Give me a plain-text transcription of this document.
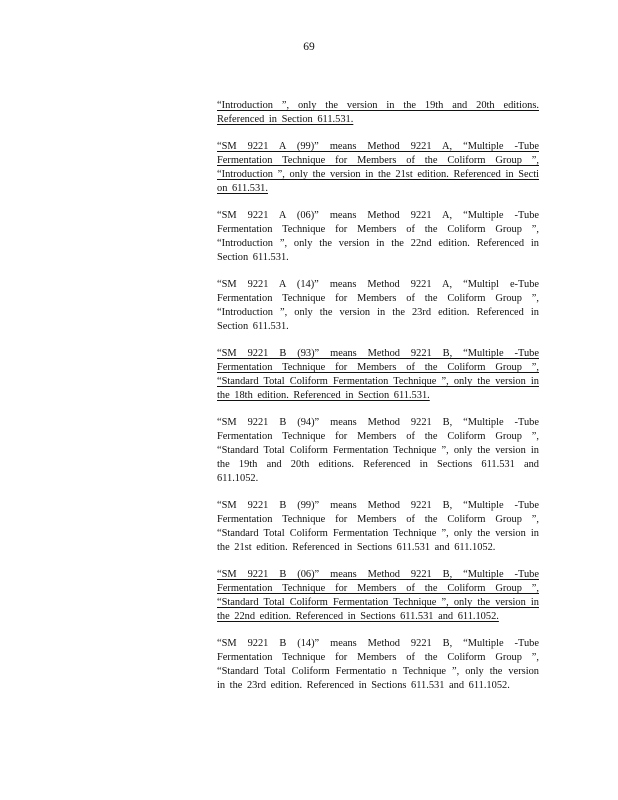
69

“Introduction ”, only the version in the 19th and 20th editions. Referenced in Section 611.531.

“SM 9221 A (99)” means Method 9221 A, “Multiple -Tube Fermentation Technique for Members of the Coliform Group ”, “Introduction ”, only the version in the 21st edition. Referenced in Secti on 611.531.

“SM 9221 A (06)” means Method 9221 A, “Multiple -Tube Fermentation Technique for Members of the Coliform Group ”, “Introduction ”, only the version in the 22nd edition. Referenced in Section 611.531.

“SM 9221 A (14)” means Method 9221 A, “Multipl e-Tube Fermentation Technique for Members of the Coliform Group ”, “Introduction ”, only the version in the 23rd edition. Referenced in Section 611.531.

“SM 9221 B (93)” means Method 9221 B, “Multiple -Tube Fermentation Technique for Members of the Coliform Group ”, “Standard Total Coliform Fermentation Technique ”, only the version in the 18th edition. Referenced in Section 611.531.

“SM 9221 B (94)” means Method 9221 B, “Multiple -Tube Fermentation Technique for Members of the Coliform Group ”, “Standard Total Coliform Fermentation Technique ”, only the version in the 19th and 20th editions. Referenced in Sections 611.531 and 611.1052.

“SM 9221 B (99)” means Method 9221 B, “Multiple -Tube Fermentation Technique for Members of the Coliform Group ”, “Standard Total Coliform Fermentation Technique ”, only the version in the 21st edition. Referenced in Sections 611.531 and 611.1052.

“SM 9221 B (06)” means Method 9221 B, “Multiple -Tube Fermentation Technique for Members of the Coliform Group ”, “Standard Total Coliform Fermentation Technique ”, only the version in the 22nd edition. Referenced in Sections 611.531 and 611.1052.

“SM 9221 B (14)” means Method 9221 B, “Multiple -Tube Fermentation Technique for Members of the Coliform Group ”, “Standard Total Coliform Fermentatio n Technique ”, only the version in the 23rd edition. Referenced in Sections 611.531 and 611.1052.
